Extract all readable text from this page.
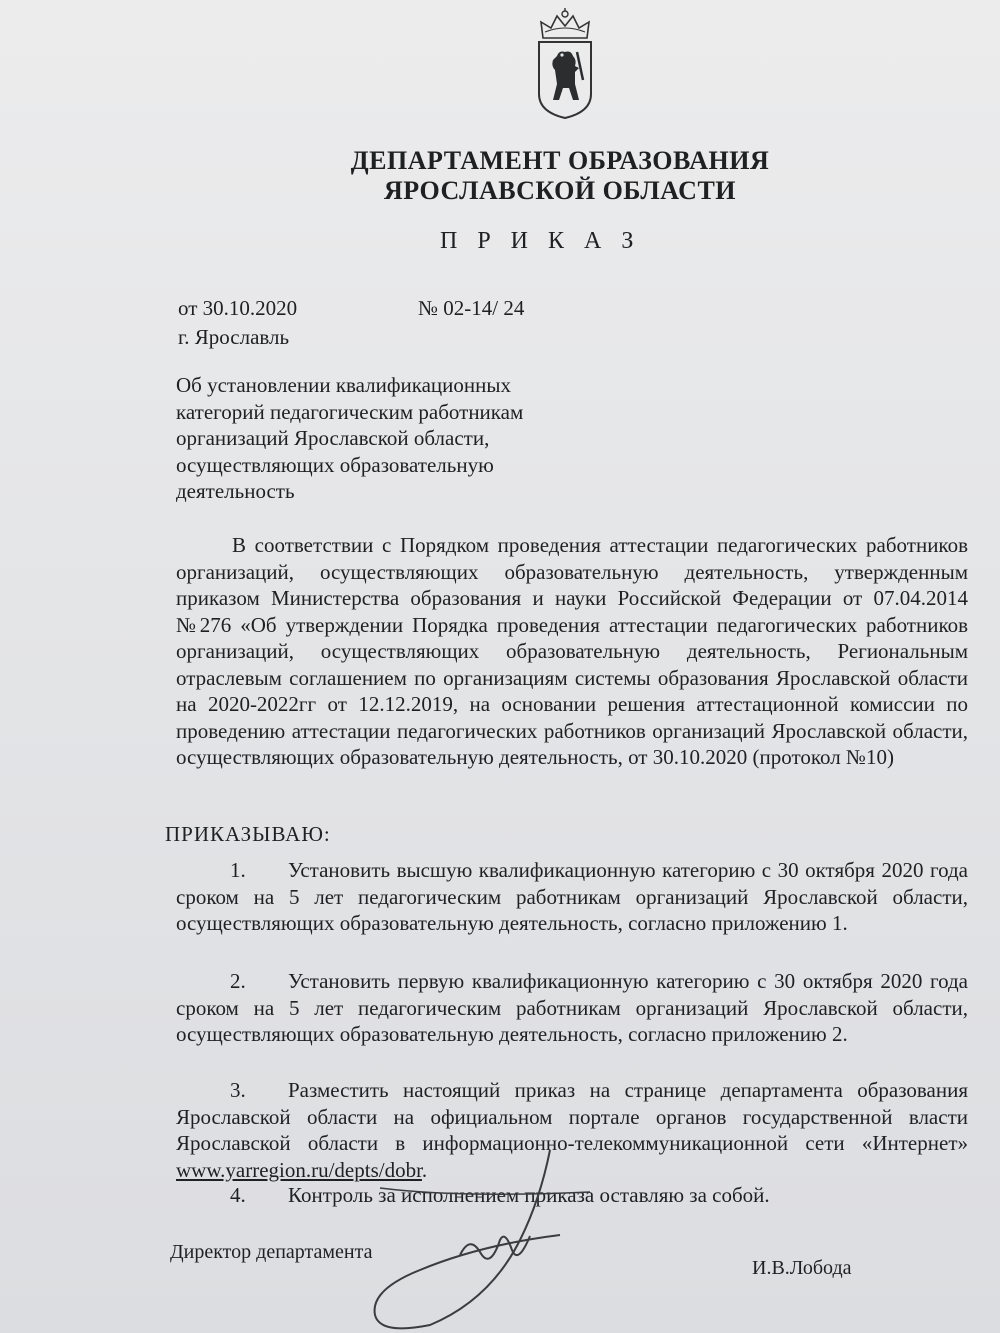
ДЕПАРТАМЕНТ ОБРАЗОВАНИЯ
ЯРОСЛАВСКОЙ ОБЛАСТИ
П Р И К А З
от 30.10.2020	№ 02-14/ 24
г. Ярославль
Об установлении квалификационных категорий педагогическим работникам организаций Ярославской области, осуществляющих образовательную деятельность
В соответствии с Порядком проведения аттестации педагогических работников организаций, осуществляющих образовательную деятельность, утвержденным приказом Министерства образования и науки Российской Федерации от 07.04.2014 №276 «Об утверждении Порядка проведения аттестации педагогических работников организаций, осуществляющих образовательную деятельность, Региональным отраслевым соглашением по организациям системы образования Ярославской области на 2020-2022гг от 12.12.2019, на основании решения аттестационной комиссии по проведению аттестации педагогических работников организаций Ярославской области, осуществляющих образовательную деятельность, от 30.10.2020 (протокол №10)
ПРИКАЗЫВАЮ:
1. Установить высшую квалификационную категорию с 30 октября 2020 года сроком на 5 лет педагогическим работникам организаций Ярославской области, осуществляющих образовательную деятельность, согласно приложению 1.
2. Установить первую квалификационную категорию с 30 октября 2020 года сроком на 5 лет педагогическим работникам организаций Ярославской области, осуществляющих образовательную деятельность, согласно приложению 2.
3. Разместить настоящий приказ на странице департамента образования Ярославской области на официальном портале органов государственной власти Ярославской области в информационно-телекоммуникационной сети «Интернет» www.yarregion.ru/depts/dobr.
4. Контроль за исполнением приказа оставляю за собой.
Директор департамента
И.В.Лобода
